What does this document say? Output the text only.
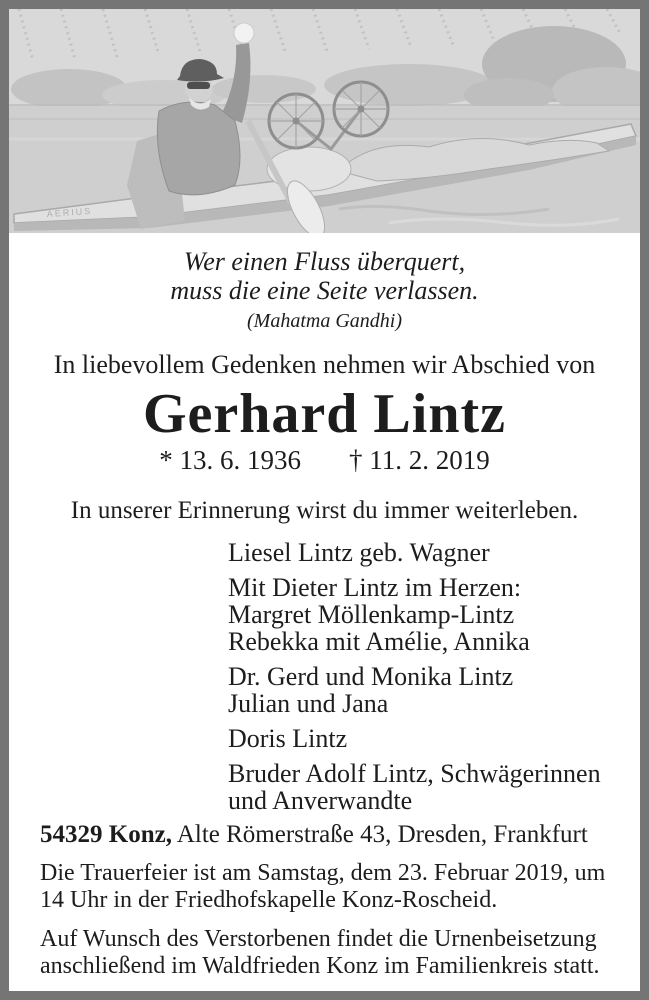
AERIUS
Wer einen Fluss überquert,
muss die eine Seite verlassen.
(Mahatma Gandhi)
In liebevollem Gedenken nehmen wir Abschied von
Gerhard Lintz
* 13. 6. 1936 † 11. 2. 2019
In unserer Erinnerung wirst du immer weiterleben.
Liesel Lintz geb. Wagner
Mit Dieter Lintz im Herzen:
Margret Möllenkamp-Lintz
Rebekka mit Amélie, Annika
Dr. Gerd und Monika Lintz
Julian und Jana
Doris Lintz
Bruder Adolf Lintz, Schwägerinnen
und Anverwandte
54329 Konz, Alte Römerstraße 43, Dresden, Frankfurt
Die Trauerfeier ist am Samstag, dem 23. Februar 2019, um
14 Uhr in der Friedhofskapelle Konz-Roscheid.
Auf Wunsch des Verstorbenen findet die Urnenbeisetzung
anschließend im Waldfrieden Konz im Familienkreis statt.
